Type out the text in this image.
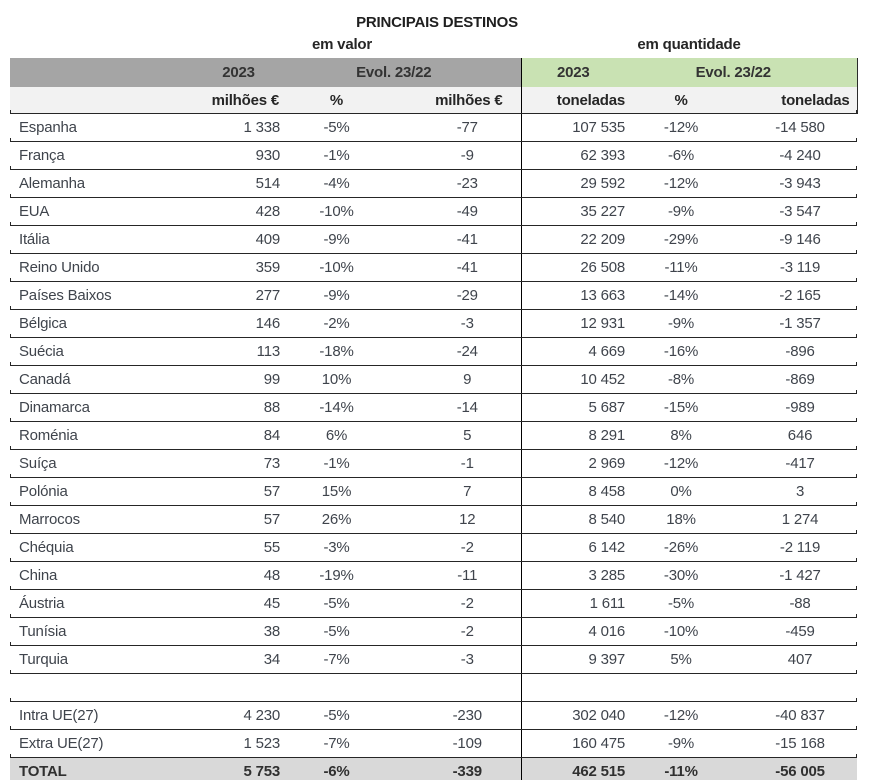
PRINCIPAIS DESTINOS
em valor	em quantidade
	2023	Evol. 23/22		2023	Evol. 23/22	
	milhões €	%	milhões €	toneladas	%	toneladas
Espanha	1 338	-5%	-77	107 535	-12%	-14 580
França	930	-1%	-9	62 393	-6%	-4 240
Alemanha	514	-4%	-23	29 592	-12%	-3 943
EUA	428	-10%	-49	35 227	-9%	-3 547
Itália	409	-9%	-41	22 209	-29%	-9 146
Reino Unido	359	-10%	-41	26 508	-11%	-3 119
Países Baixos	277	-9%	-29	13 663	-14%	-2 165
Bélgica	146	-2%	-3	12 931	-9%	-1 357
Suécia	113	-18%	-24	4 669	-16%	-896
Canadá	99	10%	9	10 452	-8%	-869
Dinamarca	88	-14%	-14	5 687	-15%	-989
Roménia	84	6%	5	8 291	8%	646
Suíça	73	-1%	-1	2 969	-12%	-417
Polónia	57	15%	7	8 458	0%	3
Marrocos	57	26%	12	8 540	18%	1 274
Chéquia	55	-3%	-2	6 142	-26%	-2 119
China	48	-19%	-11	3 285	-30%	-1 427
Áustria	45	-5%	-2	1 611	-5%	-88
Tunísia	38	-5%	-2	4 016	-10%	-459
Turquia	34	-7%	-3	9 397	5%	407

Intra UE(27)	4 230	-5%	-230	302 040	-12%	-40 837
Extra UE(27)	1 523	-7%	-109	160 475	-9%	-15 168
TOTAL	5 753	-6%	-339	462 515	-11%	-56 005
